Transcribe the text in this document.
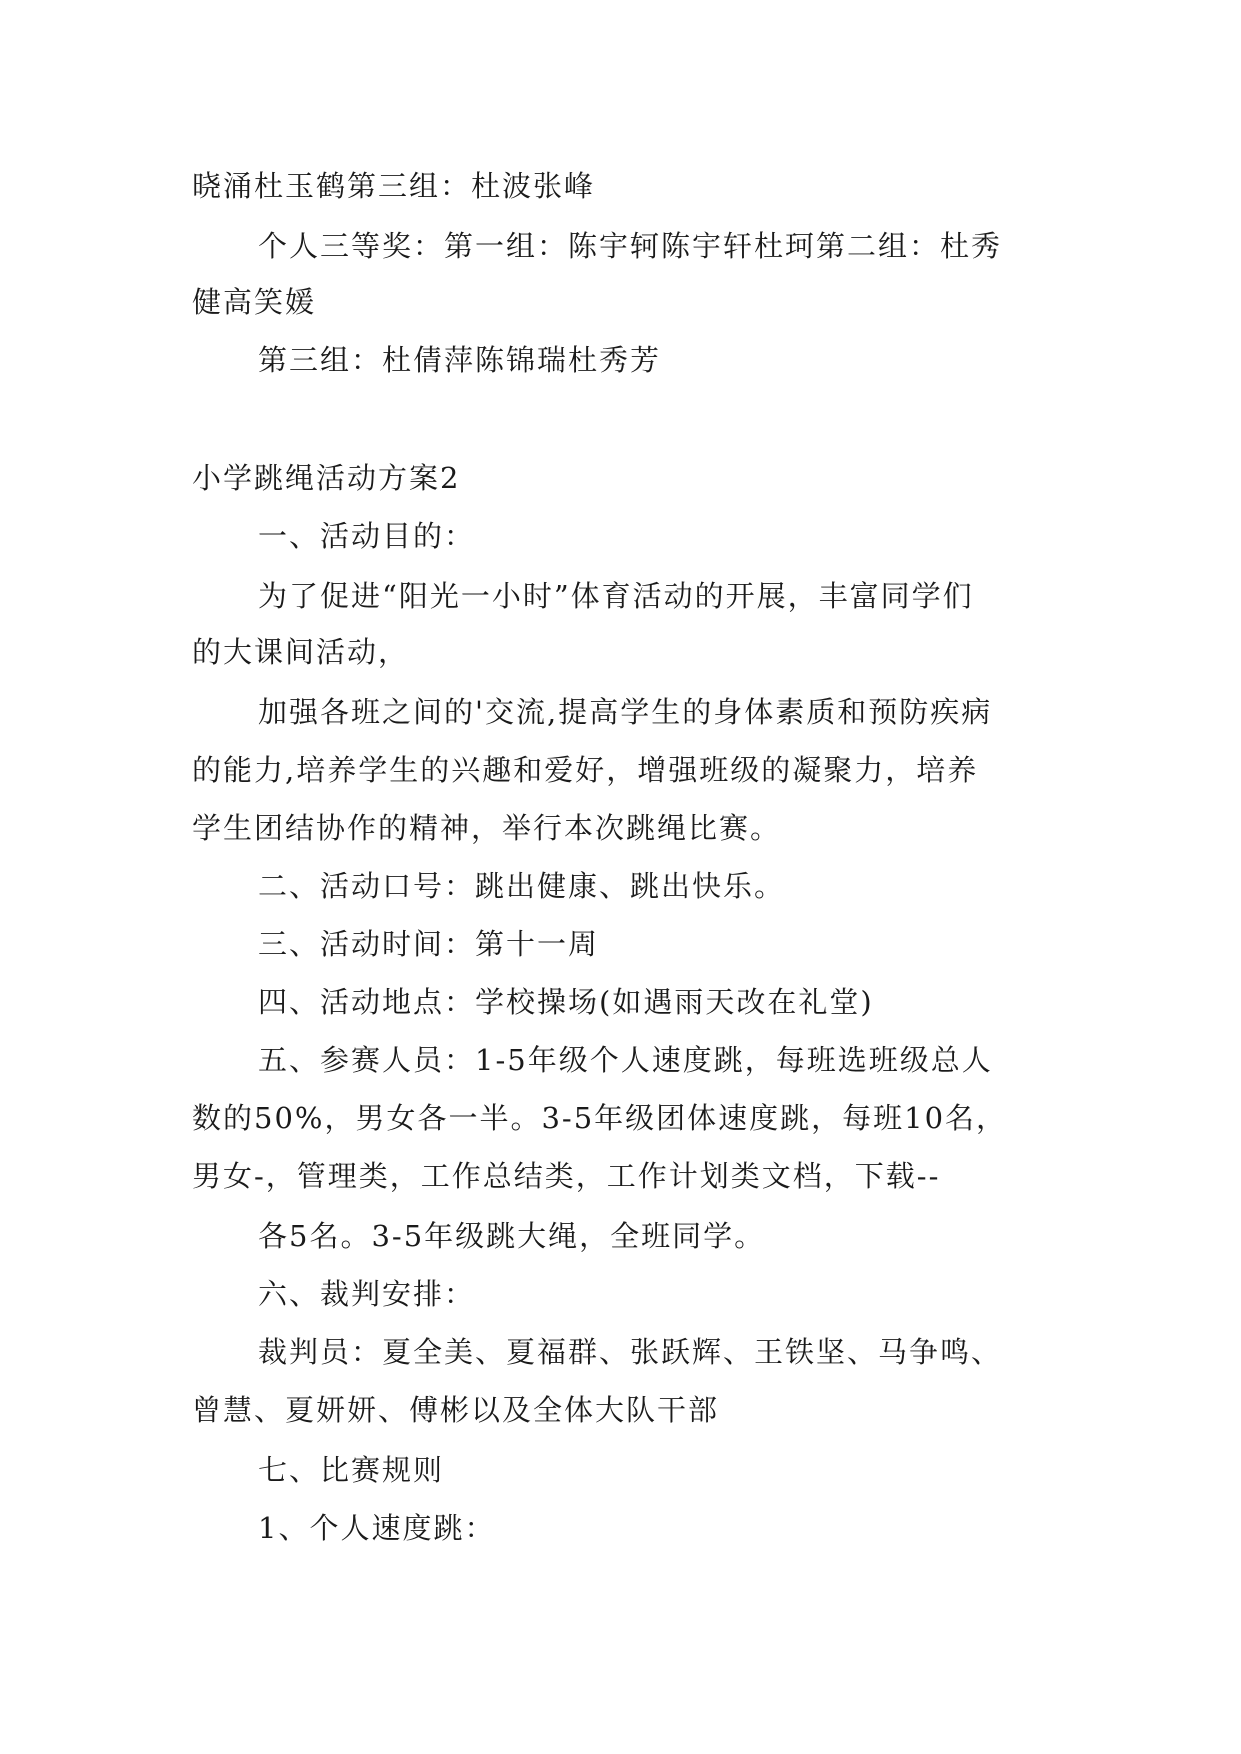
晓涌杜玉鹤第三组：杜波张峰
个人三等奖：第一组：陈宇轲陈宇轩杜珂第二组：杜秀
健高笑媛
第三组：杜倩萍陈锦瑞杜秀芳
小学跳绳活动方案2
一、活动目的：
为了促进“阳光一小时”体育活动的开展，丰富同学们
的大课间活动，
加强各班之间的'交流,提高学生的身体素质和预防疾病
的能力,培养学生的兴趣和爱好，增强班级的凝聚力，培养
学生团结协作的精神，举行本次跳绳比赛。
二、活动口号：跳出健康、跳出快乐。
三、活动时间：第十一周
四、活动地点：学校操场(如遇雨天改在礼堂)
五、参赛人员：1-5年级个人速度跳，每班选班级总人
数的50%，男女各一半。3-5年级团体速度跳，每班10名，
男女-，管理类，工作总结类，工作计划类文档，下载--
各5名。3-5年级跳大绳，全班同学。
六、裁判安排：
裁判员：夏全美、夏福群、张跃辉、王铁坚、马争鸣、
曾慧、夏妍妍、傅彬以及全体大队干部
七、比赛规则
1、个人速度跳：
